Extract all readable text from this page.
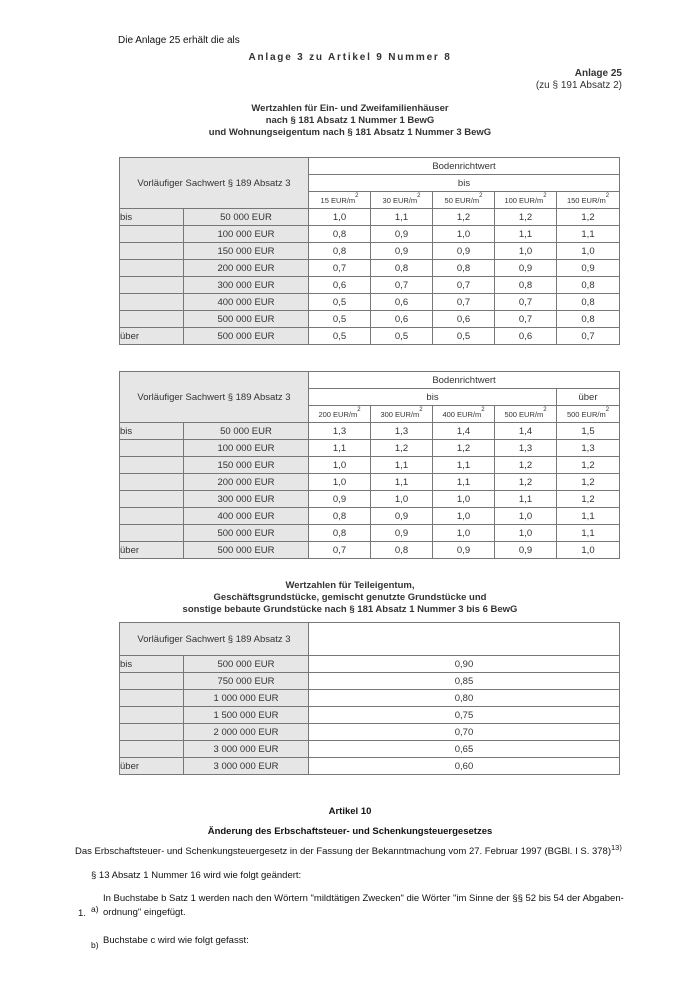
Die Anlage 25 erhält die als
Anlage 3 zu Artikel 9 Nummer 8
Anlage 25
(zu § 191 Absatz 2)
Wertzahlen für Ein- und Zweifamilienhäuser
nach § 181 Absatz 1 Nummer 1 BewG
und Wohnungseigentum nach § 181 Absatz 1 Nummer 3 BewG
Vorläufiger Sachwert § 189 Absatz 3		Bodenrichtwert				
		bis				
		15 EUR/$m^2$	30 EUR/$m^2$	50 EUR/$m^2$	100 EUR/$m^2$	150 EUR/$m^2$
bis	50 000 EUR	1,0	1,1	1,2	1,2	1,2
	100 000 EUR	0,8	0,9	1,0	1,1	1,1
	150 000 EUR	0,8	0,9	0,9	1,0	1,0
	200 000 EUR	0,7	0,8	0,8	0,9	0,9
	300 000 EUR	0,6	0,7	0,7	0,8	0,8
	400 000 EUR	0,5	0,6	0,7	0,7	0,8
	500 000 EUR	0,5	0,6	0,6	0,7	0,8
über	500 000 EUR	0,5	0,5	0,5	0,6	0,7
Vorläufiger Sachwert § 189 Absatz 3		Bodenrichtwert				
		bis				über
		200 EUR/$m^2$	300 EUR/$m^2$	400 EUR/$m^2$	500 EUR/$m^2$	500 EUR/$m^2$
bis	50 000 EUR	1,3	1,3	1,4	1,4	1,5
	100 000 EUR	1,1	1,2	1,2	1,3	1,3
	150 000 EUR	1,0	1,1	1,1	1,2	1,2
	200 000 EUR	1,0	1,1	1,1	1,2	1,2
	300 000 EUR	0,9	1,0	1,0	1,1	1,2
	400 000 EUR	0,8	0,9	1,0	1,0	1,1
	500 000 EUR	0,8	0,9	1,0	1,0	1,1
über	500 000 EUR	0,7	0,8	0,9	0,9	1,0
Wertzahlen für Teileigentum,
Geschäftsgrundstücke, gemischt genutzte Grundstücke und
sonstige bebaute Grundstücke nach § 181 Absatz 1 Nummer 3 bis 6 BewG
Vorläufiger Sachwert § 189 Absatz 3		
bis	500 000 EUR	0,90
	750 000 EUR	0,85
	1 000 000 EUR	0,80
	1 500 000 EUR	0,75
	2 000 000 EUR	0,70
	3 000 000 EUR	0,65
über	3 000 000 EUR	0,60
Artikel 10
Änderung des Erbschaftsteuer- und Schenkungsteuergesetzes
Das Erbschaftsteuer- und Schenkungsteuergesetz in der Fassung der Bekanntmachung vom 27. Februar 1997 (BGBl. I S. 378)$^{13)}$
§ 13 Absatz 1 Nummer 16 wird wie folgt geändert:
1. a)
In Buchstabe b Satz 1 werden nach den Wörtern "mildtätigen Zwecken" die Wörter "im Sinne der §§ 52 bis 54 der Abgaben-
ordnung" eingefügt.
b) Buchstabe c wird wie folgt gefasst:
